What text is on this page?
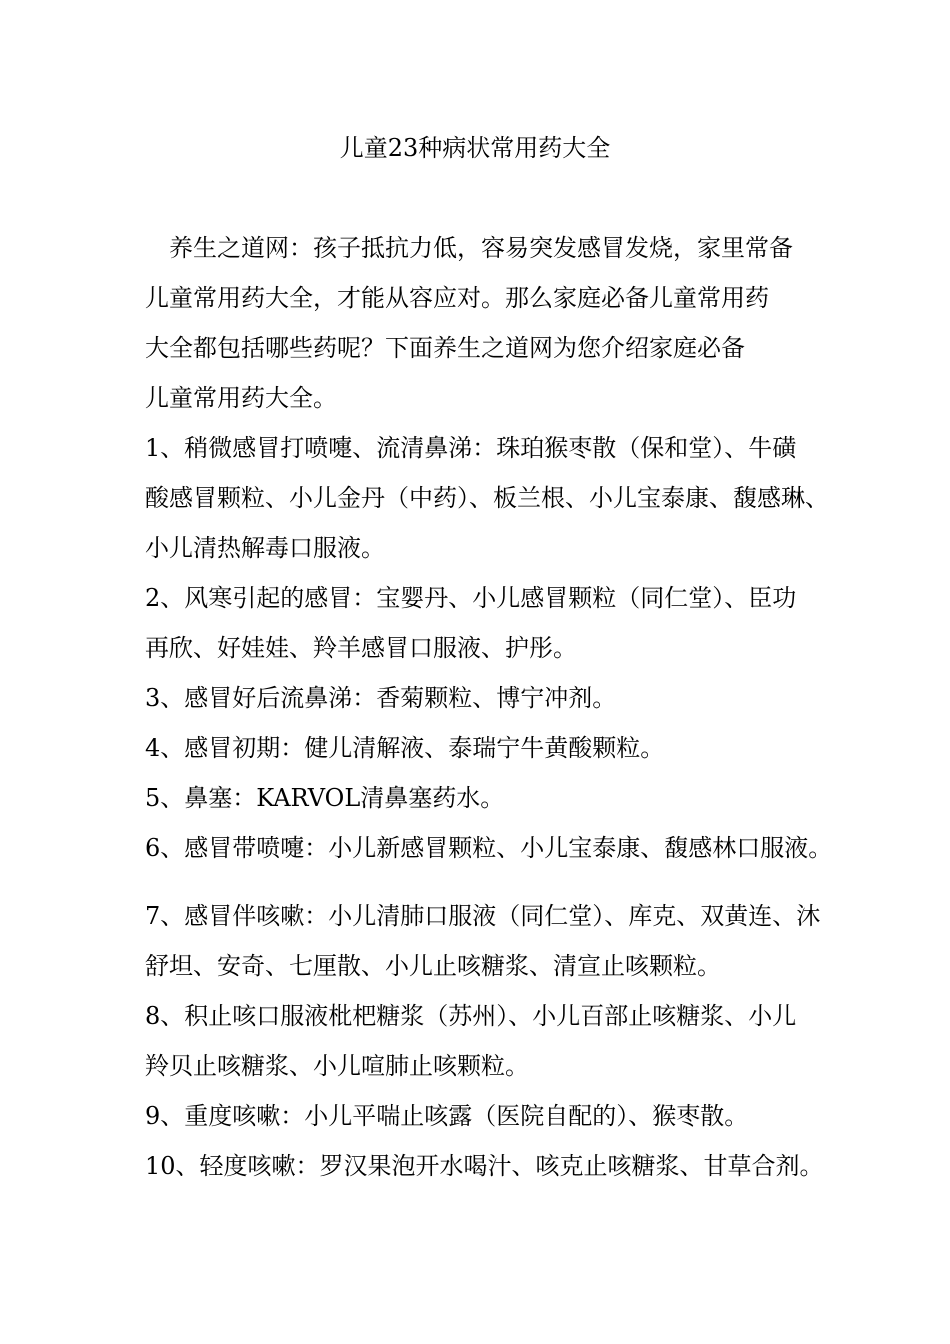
儿童23种病状常用药大全
养生之道网：孩子抵抗力低，容易突发感冒发烧，家里常备
儿童常用药大全，才能从容应对。那么家庭必备儿童常用药
大全都包括哪些药呢？下面养生之道网为您介绍家庭必备
儿童常用药大全。
1、稍微感冒打喷嚏、流清鼻涕：珠珀猴枣散（保和堂）、牛磺
酸感冒颗粒、小儿金丹（中药）、板兰根、小儿宝泰康、馥感琳、
小儿清热解毒口服液。
2、风寒引起的感冒：宝婴丹、小儿感冒颗粒（同仁堂）、臣功
再欣、好娃娃、羚羊感冒口服液、护彤。
3、感冒好后流鼻涕：香菊颗粒、博宁冲剂。
4、感冒初期：健儿清解液、泰瑞宁牛黄酸颗粒。
5、鼻塞：KARVOL清鼻塞药水。
6、感冒带喷嚏：小儿新感冒颗粒、小儿宝泰康、馥感林口服液。
7、感冒伴咳嗽：小儿清肺口服液（同仁堂）、库克、双黄连、沐
舒坦、安奇、七厘散、小儿止咳糖浆、清宣止咳颗粒。
8、积止咳口服液枇杷糖浆（苏州）、小儿百部止咳糖浆、小儿
羚贝止咳糖浆、小儿喧肺止咳颗粒。
9、重度咳嗽：小儿平喘止咳露（医院自配的）、猴枣散。
10、轻度咳嗽：罗汉果泡开水喝汁、咳克止咳糖浆、甘草合剂。
